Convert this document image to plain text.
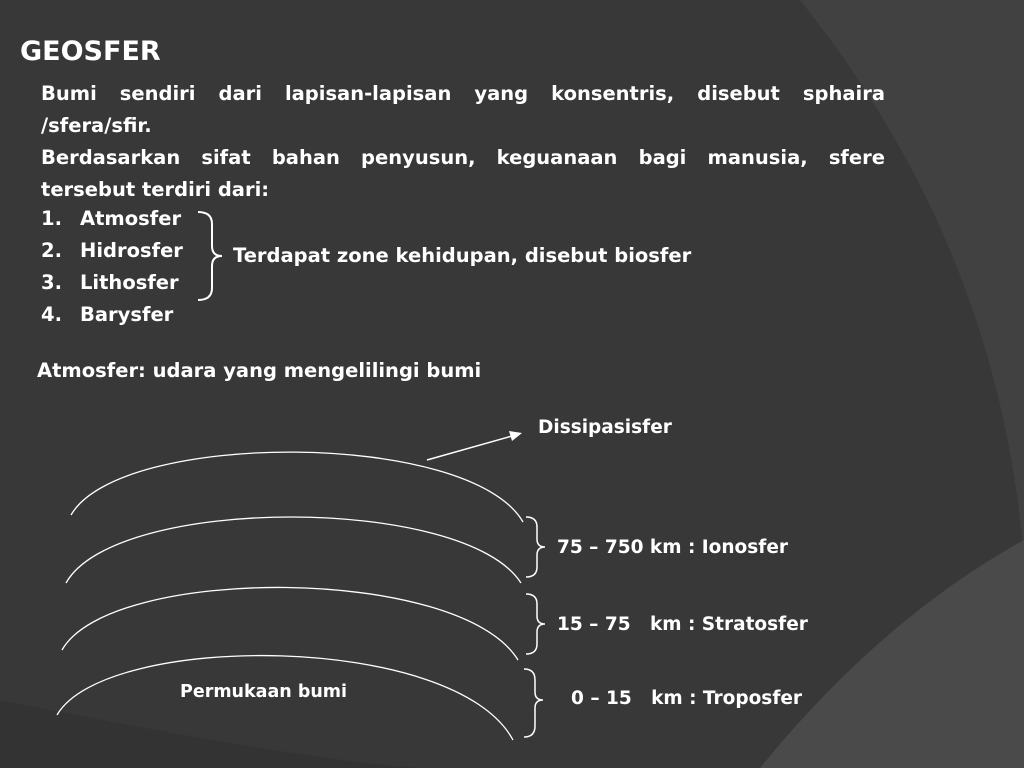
GEOSFER
Bumi sendiri dari lapisan-lapisan yang konsentris, disebut sphaira /sfera/sfir.
Berdasarkan sifat bahan penyusun, keguanaan bagi manusia, sfere tersebut terdiri dari:
1. Atmosfer
2. Hidrosfer
3. Lithosfer
4. Barysfer
Terdapat zone kehidupan, disebut biosfer
Atmosfer: udara yang mengelilingi bumi
Dissipasisfer
75 – 750 km : Ionosfer
15 – 75   km : Stratosfer
0 – 15   km : Troposfer
Permukaan bumi
